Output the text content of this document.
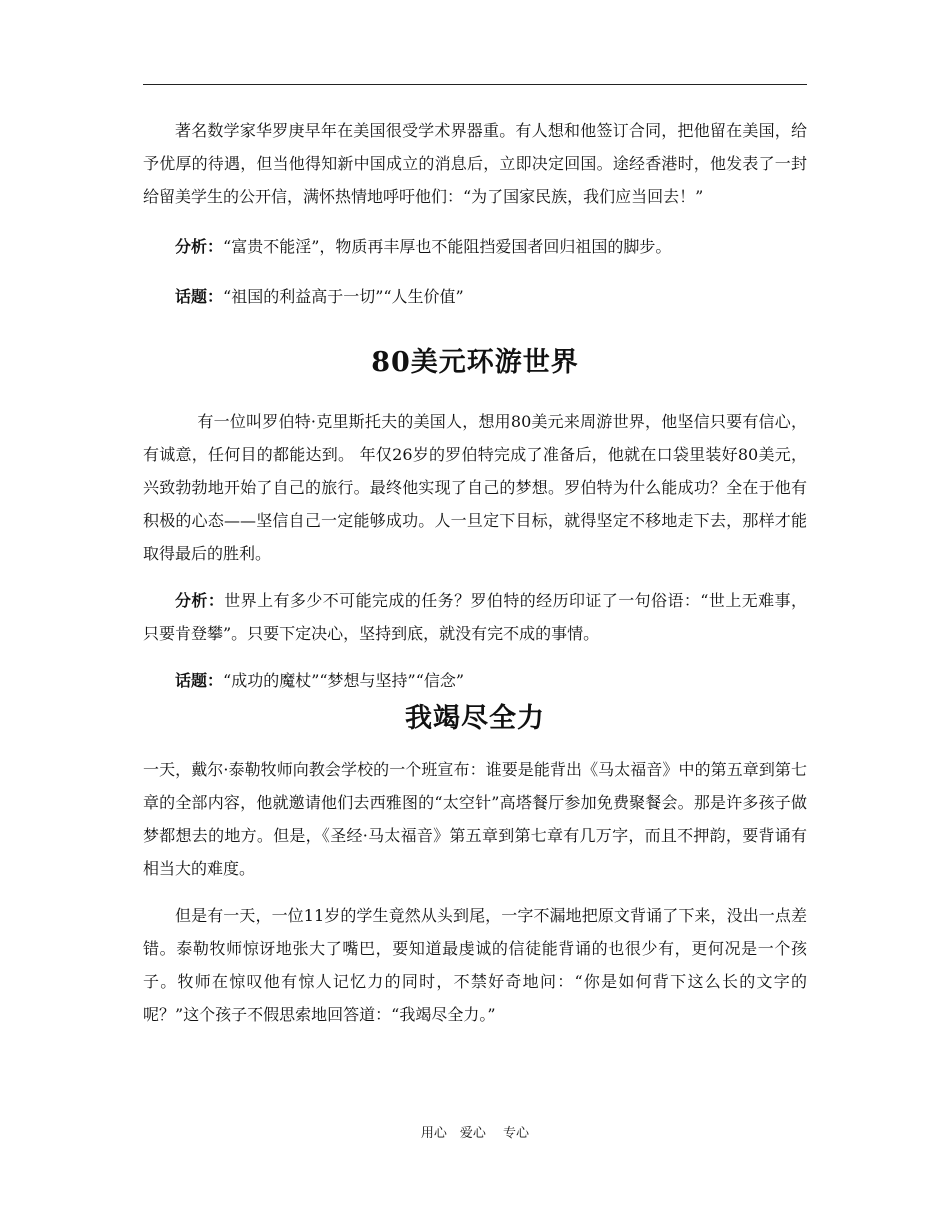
著名数学家华罗庚早年在美国很受学术界器重。有人想和他签订合同，把他留在美国，给予优厚的待遇，但当他得知新中国成立的消息后，立即决定回国。途经香港时，他发表了一封给留美学生的公开信，满怀热情地呼吁他们：“为了国家民族，我们应当回去！”

分析：“富贵不能淫”，物质再丰厚也不能阻挡爱国者回归祖国的脚步。

话题：“祖国的利益高于一切”“人生价值”

80美元环游世界

有一位叫罗伯特·克里斯托夫的美国人，想用80美元来周游世界，他坚信只要有信心，有诚意，任何目的都能达到。 年仅26岁的罗伯特完成了准备后，他就在口袋里装好80美元，兴致勃勃地开始了自己的旅行。最终他实现了自己的梦想。罗伯特为什么能成功？全在于他有积极的心态——坚信自己一定能够成功。人一旦定下目标，就得坚定不移地走下去，那样才能取得最后的胜利。

分析：世界上有多少不可能完成的任务？罗伯特的经历印证了一句俗语：“世上无难事，只要肯登攀”。只要下定决心，坚持到底，就没有完不成的事情。

话题：“成功的魔杖”“梦想与坚持”“信念”

我竭尽全力

一天，戴尔·泰勒牧师向教会学校的一个班宣布：谁要是能背出《马太福音》中的第五章到第七章的全部内容，他就邀请他们去西雅图的“太空针”高塔餐厅参加免费聚餐会。那是许多孩子做梦都想去的地方。但是，《圣经·马太福音》第五章到第七章有几万字，而且不押韵，要背诵有相当大的难度。

但是有一天，一位11岁的学生竟然从头到尾，一字不漏地把原文背诵了下来，没出一点差错。泰勒牧师惊讶地张大了嘴巴，要知道最虔诚的信徒能背诵的也很少有，更何况是一个孩子。牧师在惊叹他有惊人记忆力的同时，不禁好奇地问：“你是如何背下这么长的文字的呢？”这个孩子不假思索地回答道：“我竭尽全力。”

用心　爱心　 专心
